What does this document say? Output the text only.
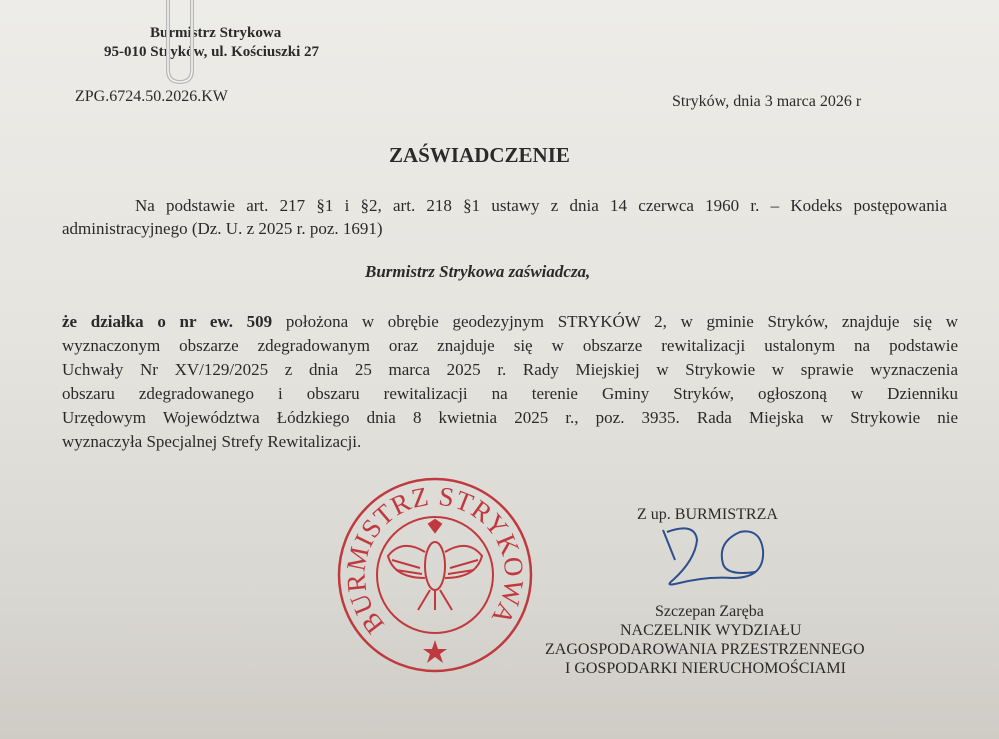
Burmistrz Strykowa
95-010 Stryków, ul. Kościuszki 27
ZPG.6724.50.2026.KW	Stryków, dnia 3 marca 2026 r
ZAŚWIADCZENIE
Na podstawie art. 217 §1 i §2, art. 218 §1 ustawy z dnia 14 czerwca 1960 r. – Kodeks postępowania
administracyjnego (Dz. U. z 2025 r. poz. 1691)
Burmistrz Strykowa zaświadcza,
że działka o nr ew. 509 położona w obrębie geodezyjnym STRYKÓW 2, w gminie Stryków, znajduje się w
wyznaczonym obszarze zdegradowanym oraz znajduje się w obszarze rewitalizacji ustalonym na podstawie
Uchwały Nr XV/129/2025 z dnia 25 marca 2025 r. Rady Miejskiej w Strykowie w sprawie wyznaczenia
obszaru zdegradowanego i obszaru rewitalizacji na terenie Gminy Stryków, ogłoszoną w Dzienniku
Urzędowym Województwa Łódzkiego dnia 8 kwietnia 2025 r., poz. 3935. Rada Miejska w Strykowie nie
wyznaczyła Specjalnej Strefy Rewitalizacji.
BURMISTRZ STRYKOWA
Z up. BURMISTRZA
Szczepan Zaręba
NACZELNIK WYDZIAŁU
ZAGOSPODAROWANIA PRZESTRZENNEGO
I GOSPODARKI NIERUCHOMOŚCIAMI
